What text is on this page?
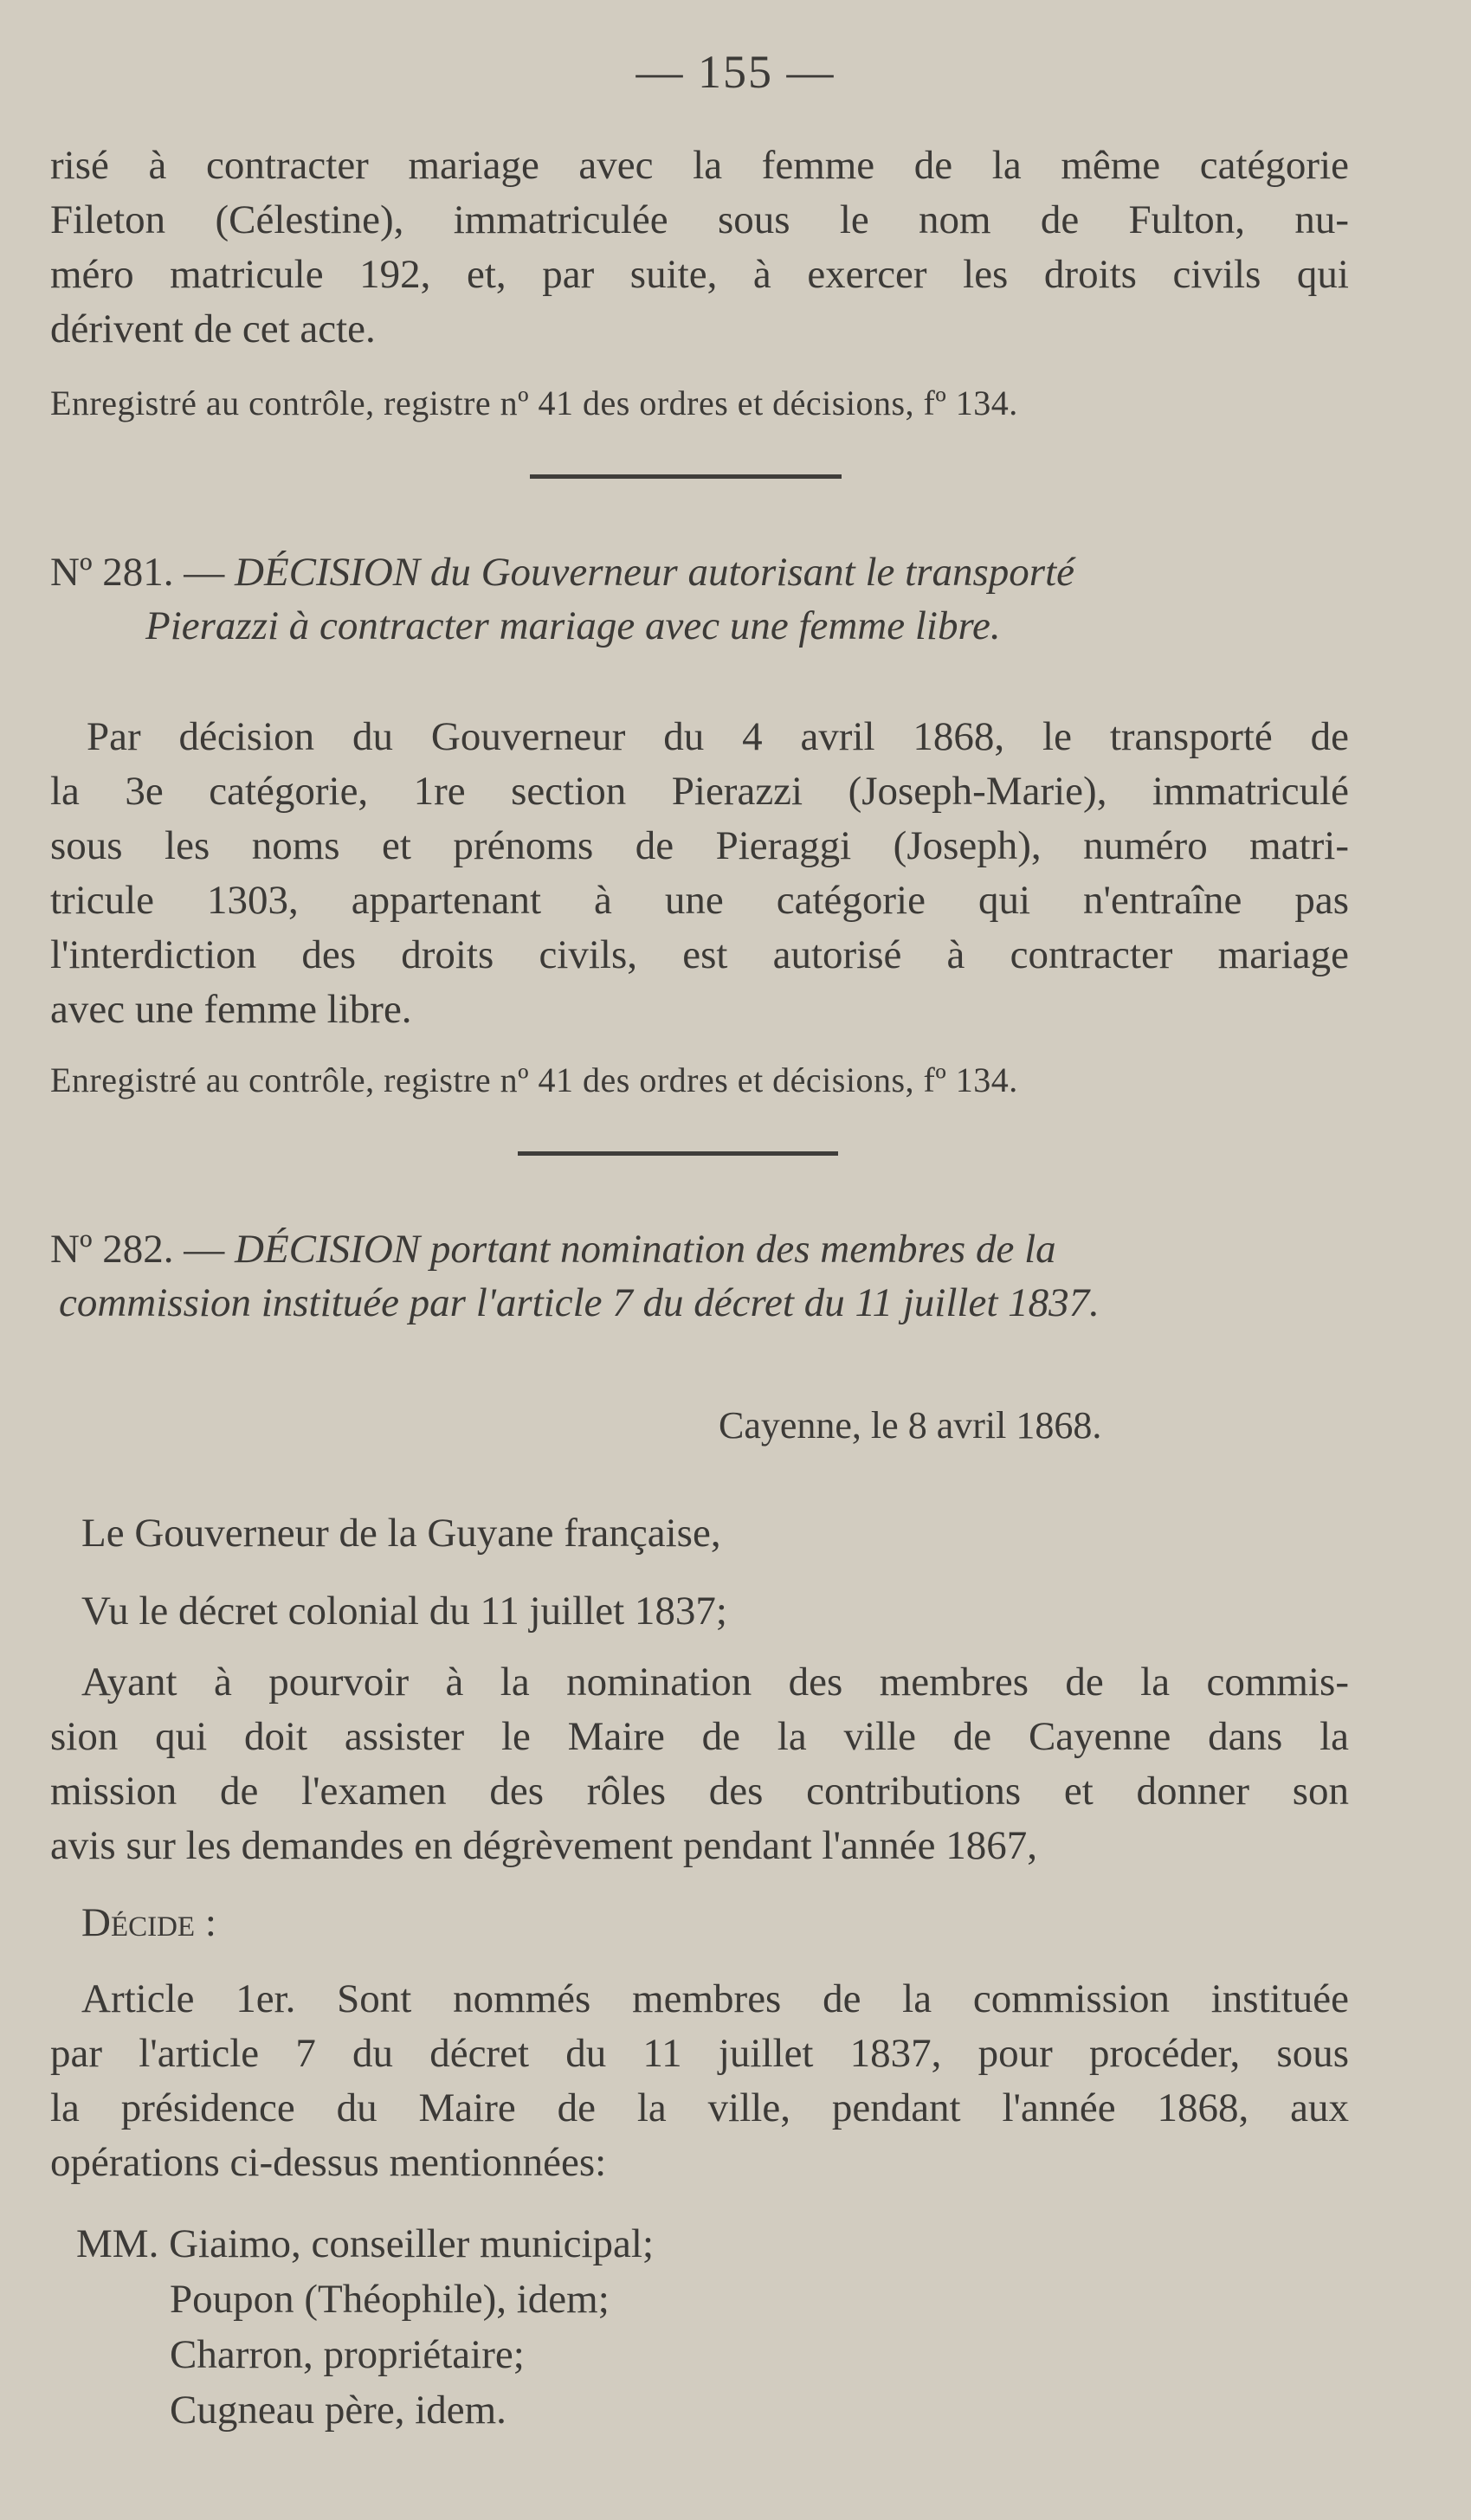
— 155 —

risé à contracter mariage avec la femme de la même catégorie
Fileton (Célestine), immatriculée sous le nom de Fulton, nu-
méro matricule 192, et, par suite, à exercer les droits civils qui
dérivent de cet acte.

Enregistré au contrôle, registre nº 41 des ordres et décisions, fº 134.

Nº 281. — DÉCISION du Gouverneur autorisant le transporté
Pierazzi à contracter mariage avec une femme libre.

Par décision du Gouverneur du 4 avril 1868, le transporté de
la 3e catégorie, 1re section Pierazzi (Joseph-Marie), immatriculé
sous les noms et prénoms de Pieraggi (Joseph), numéro matri-
tricule 1303, appartenant à une catégorie qui n'entraîne pas
l'interdiction des droits civils, est autorisé à contracter mariage
avec une femme libre.

Enregistré au contrôle, registre nº 41 des ordres et décisions, fº 134.

Nº 282. — DÉCISION portant nomination des membres de la
commission instituée par l'article 7 du décret du 11 juillet 1837.

Cayenne, le 8 avril 1868.

Le Gouverneur de la Guyane française,

Vu le décret colonial du 11 juillet 1837;

Ayant à pourvoir à la nomination des membres de la commis-
sion qui doit assister le Maire de la ville de Cayenne dans la
mission de l'examen des rôles des contributions et donner son
avis sur les demandes en dégrèvement pendant l'année 1867,

Décide :

Article 1er. Sont nommés membres de la commission instituée
par l'article 7 du décret du 11 juillet 1837, pour procéder, sous
la présidence du Maire de la ville, pendant l'année 1868, aux
opérations ci-dessus mentionnées:

MM. Giaimo, conseiller municipal;
Poupon (Théophile), idem;
Charron, propriétaire;
Cugneau père, idem.
